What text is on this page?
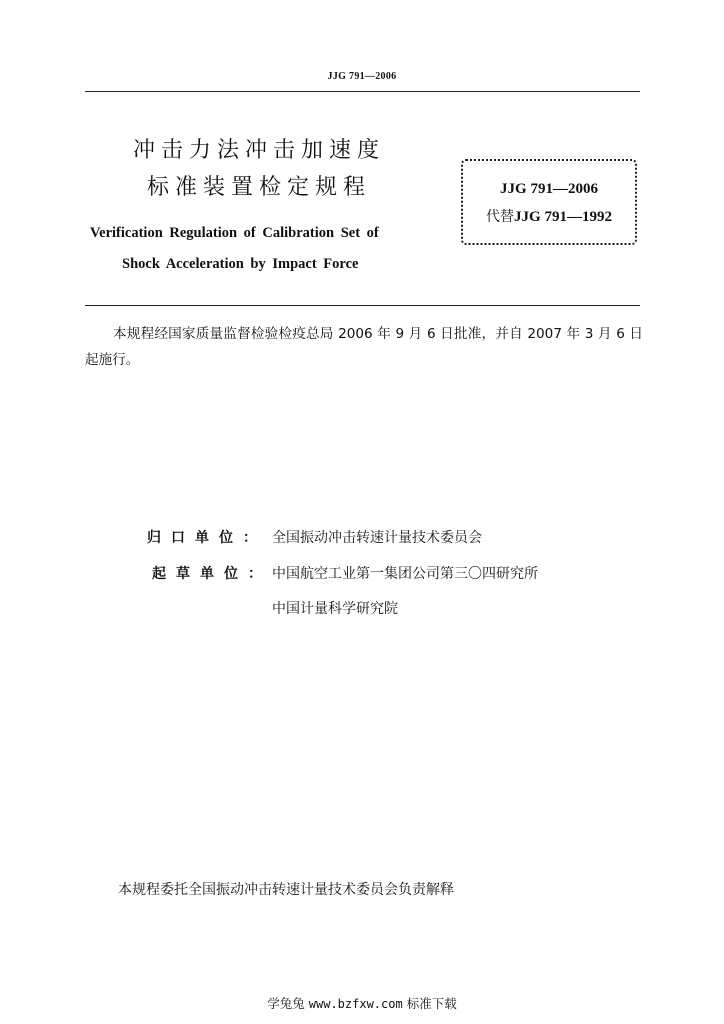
JJG 791—2006
冲击力法冲击加速度
标准装置检定规程
Verification Regulation of Calibration Set of
Shock Acceleration by Impact Force
JJG 791—2006
代替JJG 791—1992
本规程经国家质量监督检验检疫总局 2006 年 9 月 6 日批准，并自 2007 年 3 月 6 日起施行。
归口单位： 全国振动冲击转速计量技术委员会
起草单位： 中国航空工业第一集团公司第三〇四研究所
中国计量科学研究院
本规程委托全国振动冲击转速计量技术委员会负责解释
学兔兔 www.bzfxw.com 标准下载
